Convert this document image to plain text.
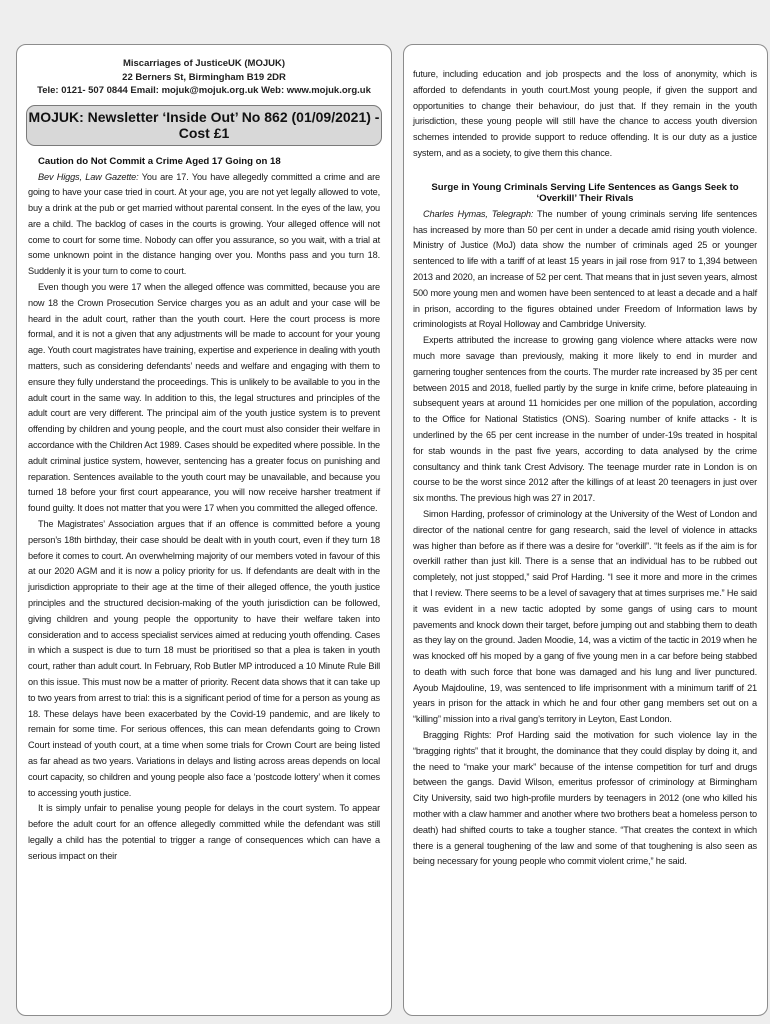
Miscarriages of JusticeUK (MOJUK)
22 Berners St, Birmingham B19 2DR
Tele: 0121- 507 0844 Email: mojuk@mojuk.org.uk Web: www.mojuk.org.uk
MOJUK: Newsletter ‘Inside Out’ No 862 (01/09/2021) - Cost £1
Caution do Not Commit a Crime Aged 17 Going on 18

Bev Higgs, Law Gazette: You are 17. You have allegedly committed a crime and are going to have your case tried in court. At your age, you are not yet legally allowed to vote, buy a drink at the pub or get married without parental consent. In the eyes of the law, you are a child. The backlog of cases in the courts is growing. Your alleged offence will not come to court for some time. Nobody can offer you assurance, so you wait, with a trial at some unknown point in the distance hanging over you. Months pass and you turn 18. Suddenly it is your turn to come to court.

Even though you were 17 when the alleged offence was committed, because you are now 18 the Crown Prosecution Service charges you as an adult and your case will be heard in the adult court, rather than the youth court. Here the court process is more formal, and it is not a given that any adjustments will be made to account for your young age. Youth court magistrates have training, expertise and experience in dealing with youth matters, such as considering defendants’ needs and welfare and engaging with them to ensure they fully understand the proceedings. This is unlikely to be available to you in the adult court in the same way. In addition to this, the legal structures and principles of the adult court are very different. The principal aim of the youth justice system is to prevent offending by children and young people, and the court must also consider their welfare in accordance with the Children Act 1989. Cases should be expedited where possible. In the adult criminal justice system, however, sentencing has a greater focus on punishing and reparation. Sentences available to the youth court may be unavailable, and because you turned 18 before your first court appearance, you will now receive harsher treatment if found guilty. It does not matter that you were 17 when you committed the alleged offence.

The Magistrates’ Association argues that if an offence is committed before a young person’s 18th birthday, their case should be dealt with in youth court, even if they turn 18 before it comes to court. An overwhelming majority of our members voted in favour of this at our 2020 AGM and it is now a policy priority for us. If defendants are dealt with in the jurisdiction appropriate to their age at the time of their alleged offence, the youth justice principles and the structured decision-making of the youth jurisdiction can be followed, giving children and young people the opportunity to have their welfare taken into consideration and to access specialist services aimed at reducing youth offending. Cases in which a suspect is due to turn 18 must be prioritised so that a plea is taken in youth court, rather than adult court. In February, Rob Butler MP introduced a 10 Minute Rule Bill on this issue. This must now be a matter of priority. Recent data shows that it can take up to two years from arrest to trial: this is a significant period of time for a person as young as 18. These delays have been exacerbated by the Covid-19 pandemic, and are likely to remain for some time. For serious offences, this can mean defendants going to Crown Court instead of youth court, at a time when some trials for Crown Court are being listed as far ahead as two years. Variations in delays and listing across areas depends on local court capacity, so children and young people also face a ‘postcode lottery’ when it comes to accessing youth justice.

It is simply unfair to penalise young people for delays in the court system. To appear before the adult court for an offence allegedly committed while the defendant was still legally a child has the potential to trigger a range of consequences which can have a serious impact on their

future, including education and job prospects and the loss of anonymity, which is afforded to defendants in youth court.Most young people, if given the support and opportunities to change their behaviour, do just that. If they remain in the youth jurisdiction, these young people will still have the chance to access youth diversion schemes intended to provide support to reduce offending. It is our duty as a justice system, and as a society, to give them this chance.

Surge in Young Criminals Serving Life Sentences as Gangs Seek to ‘Overkill’ Their Rivals

Charles Hymas, Telegraph: The number of young criminals serving life sentences has increased by more than 50 per cent in under a decade amid rising youth violence. Ministry of Justice (MoJ) data show the number of criminals aged 25 or younger sentenced to life with a tariff of at least 15 years in jail rose from 917 to 1,394 between 2013 and 2020, an increase of 52 per cent. That means that in just seven years, almost 500 more young men and women have been sentenced to at least a decade and a half in prison, according to the figures obtained under Freedom of Information laws by criminologists at Royal Holloway and Cambridge University.

Experts attributed the increase to growing gang violence where attacks were now much more savage than previously, making it more likely to end in murder and garnering tougher sentences from the courts. The murder rate increased by 35 per cent between 2015 and 2018, fuelled partly by the surge in knife crime, before plateauing in subsequent years at around 11 homicides per one million of the population, according to the Office for National Statistics (ONS). Soaring number of knife attacks - It is underlined by the 65 per cent increase in the number of under-19s treated in hospital for stab wounds in the past five years, according to data analysed by the crime consultancy and think tank Crest Advisory. The teenage murder rate in London is on course to be the worst since 2012 after the killings of at least 20 teenagers in just over six months. The previous high was 27 in 2017.

Simon Harding, professor of criminology at the University of the West of London and director of the national centre for gang research, said the level of violence in attacks was higher than before as if there was a desire for “overkill”. “It feels as if the aim is for overkill rather than just kill. There is a sense that an individual has to be rubbed out completely, not just stopped,” said Prof Harding. “I see it more and more in the crimes that I review. There seems to be a level of savagery that at times surprises me.” He said it was evident in a new tactic adopted by some gangs of using cars to mount pavements and knock down their target, before jumping out and stabbing them to death as they lay on the ground. Jaden Moodie, 14, was a victim of the tactic in 2019 when he was knocked off his moped by a gang of five young men in a car before being stabbed to death with such force that bone was damaged and his lung and liver punctured. Ayoub Majdouline, 19, was sentenced to life imprisonment with a minimum tariff of 21 years in prison for the attack in which he and four other gang members set out on a “killing” mission into a rival gang’s territory in Leyton, East London.

Bragging Rights: Prof Harding said the motivation for such violence lay in the “bragging rights” that it brought, the dominance that they could display by doing it, and the need to “make your mark” because of the intense competition for turf and drugs between the gangs. David Wilson, emeritus professor of criminology at Birmingham City University, said two high-profile murders by teenagers in 2012 (one who killed his mother with a claw hammer and another where two brothers beat a homeless person to death) had shifted courts to take a tougher stance. “That creates the context in which there is a general toughening of the law and some of that toughening is also seen as being necessary for young people who commit violent crime,” he said.
